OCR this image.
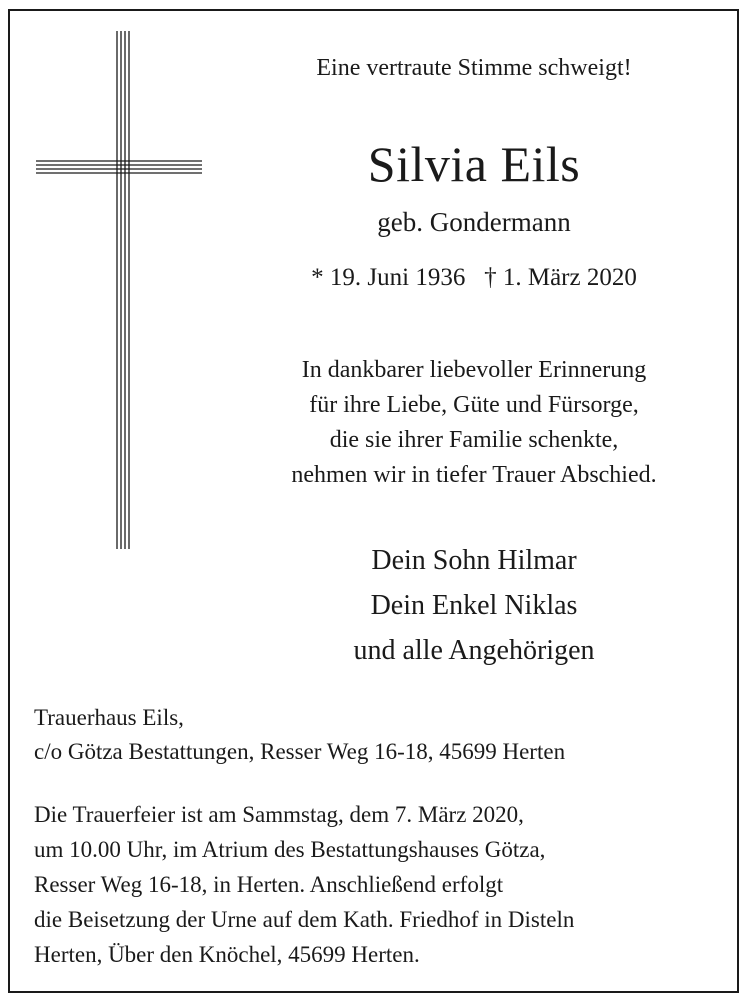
Eine vertraute Stimme schweigt!
Silvia Eils
geb. Gondermann
* 19. Juni 1936 † 1. März 2020
In dankbarer liebevoller Erinnerung
für ihre Liebe, Güte und Fürsorge,
die sie ihrer Familie schenkte,
nehmen wir in tiefer Trauer Abschied.
Dein Sohn Hilmar
Dein Enkel Niklas
und alle Angehörigen
Trauerhaus Eils,
c/o Götza Bestattungen, Resser Weg 16-18, 45699 Herten
Die Trauerfeier ist am Sammstag, dem 7. März 2020,
um 10.00 Uhr, im Atrium des Bestattungshauses Götza,
Resser Weg 16-18, in Herten. Anschließend erfolgt
die Beisetzung der Urne auf dem Kath. Friedhof in Disteln
Herten, Über den Knöchel, 45699 Herten.
